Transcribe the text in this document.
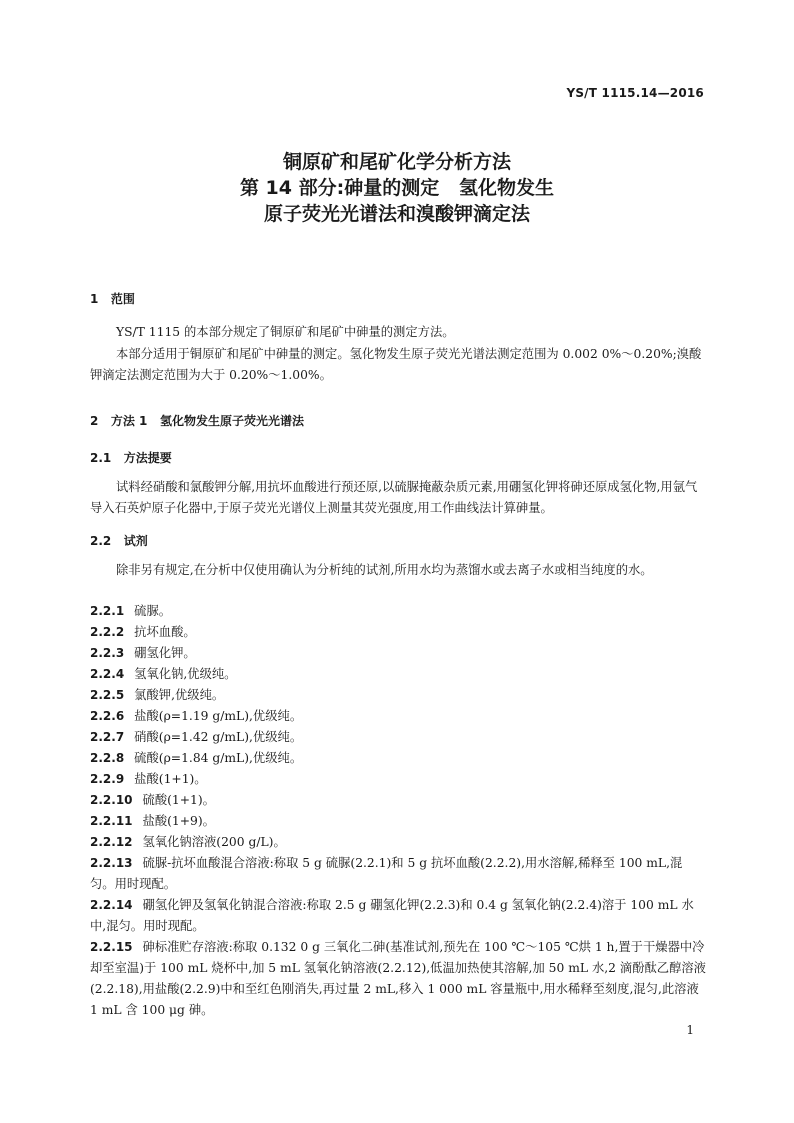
YS/T 1115.14—2016
铜原矿和尾矿化学分析方法
第 14 部分:砷量的测定   氢化物发生
原子荧光光谱法和溴酸钾滴定法
1   范围
YS/T 1115 的本部分规定了铜原矿和尾矿中砷量的测定方法。
本部分适用于铜原矿和尾矿中砷量的测定。氢化物发生原子荧光光谱法测定范围为 0.002 0%～0.20%;溴酸钾滴定法测定范围为大于 0.20%～1.00%。
2   方法 1   氢化物发生原子荧光光谱法
2.1   方法提要
试料经硝酸和氯酸钾分解,用抗坏血酸进行预还原,以硫脲掩蔽杂质元素,用硼氢化钾将砷还原成氢化物,用氩气导入石英炉原子化器中,于原子荧光光谱仪上测量其荧光强度,用工作曲线法计算砷量。
2.2   试剂
除非另有规定,在分析中仅使用确认为分析纯的试剂,所用水均为蒸馏水或去离子水或相当纯度的水。
2.2.1 硫脲。
2.2.2 抗坏血酸。
2.2.3 硼氢化钾。
2.2.4 氢氧化钠,优级纯。
2.2.5 氯酸钾,优级纯。
2.2.6 盐酸(ρ=1.19 g/mL),优级纯。
2.2.7 硝酸(ρ=1.42 g/mL),优级纯。
2.2.8 硫酸(ρ=1.84 g/mL),优级纯。
2.2.9 盐酸(1+1)。
2.2.10 硫酸(1+1)。
2.2.11 盐酸(1+9)。
2.2.12 氢氧化钠溶液(200 g/L)。
2.2.13 硫脲-抗坏血酸混合溶液:称取 5 g 硫脲(2.2.1)和 5 g 抗坏血酸(2.2.2),用水溶解,稀释至 100 mL,混匀。用时现配。
2.2.14 硼氢化钾及氢氧化钠混合溶液:称取 2.5 g 硼氢化钾(2.2.3)和 0.4 g 氢氧化钠(2.2.4)溶于 100 mL 水中,混匀。用时现配。
2.2.15 砷标准贮存溶液:称取 0.132 0 g 三氧化二砷(基准试剂,预先在 100 ℃～105 ℃烘 1 h,置于干燥器中冷却至室温)于 100 mL 烧杯中,加 5 mL 氢氧化钠溶液(2.2.12),低温加热使其溶解,加 50 mL 水,2 滴酚酞乙醇溶液(2.2.18),用盐酸(2.2.9)中和至红色刚消失,再过量 2 mL,移入 1 000 mL 容量瓶中,用水稀释至刻度,混匀,此溶液 1 mL 含 100 μg 砷。
1
